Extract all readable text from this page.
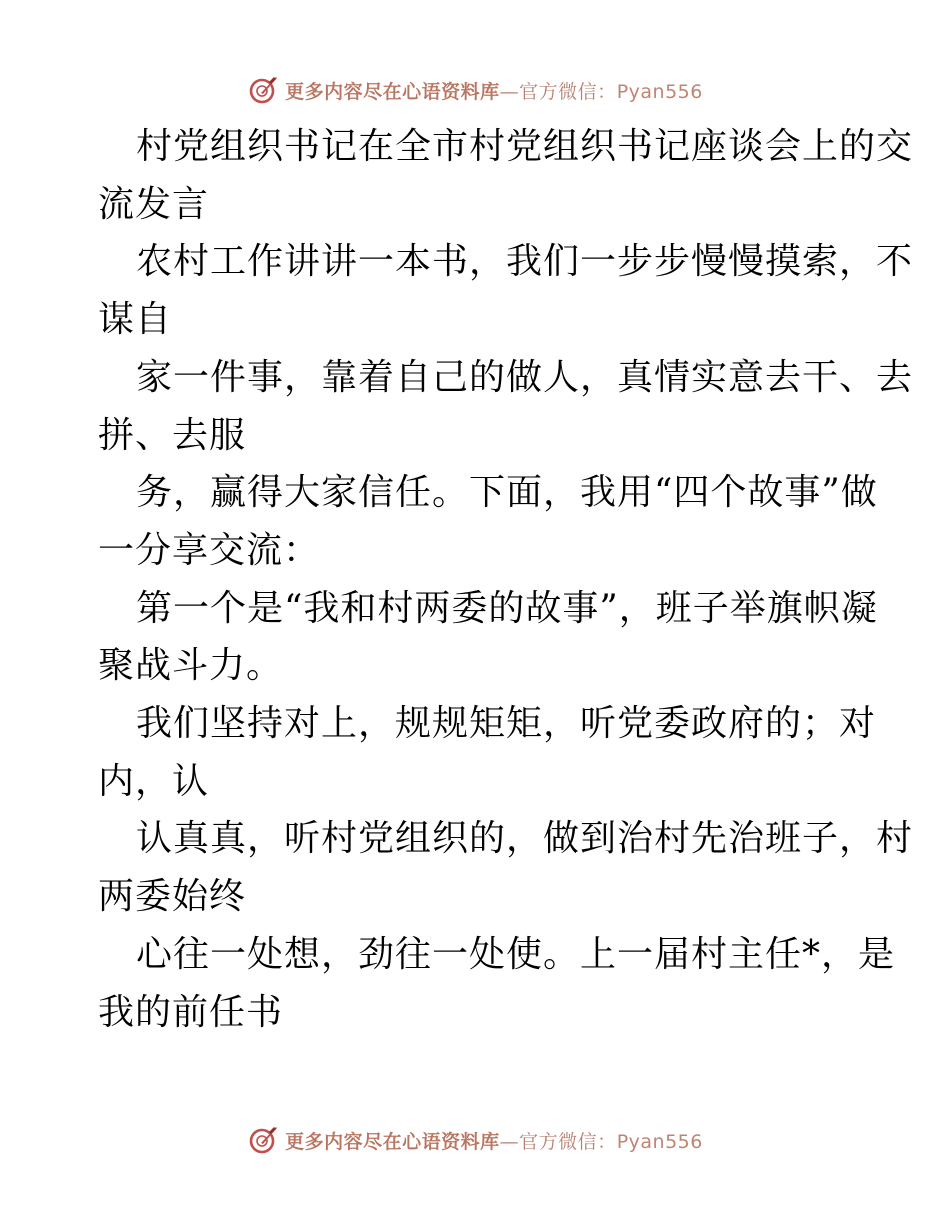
更多内容尽在心语资料库—官方微信：Pyan556

村党组织书记在全市村党组织书记座谈会上的交

流发言

农村工作讲讲一本书，我们一步步慢慢摸索，不

谋自

家一件事，靠着自己的做人，真情实意去干、去

拼、去服

务，赢得大家信任。下面，我用“四个故事”做

一分享交流：

第一个是“我和村两委的故事”，班子举旗帜凝

聚战斗力。

我们坚持对上，规规矩矩，听党委政府的；对

内，认

认真真，听村党组织的，做到治村先治班子，村

两委始终

心往一处想，劲往一处使。上一届村主任*，是

我的前任书

更多内容尽在心语资料库—官方微信：Pyan556
